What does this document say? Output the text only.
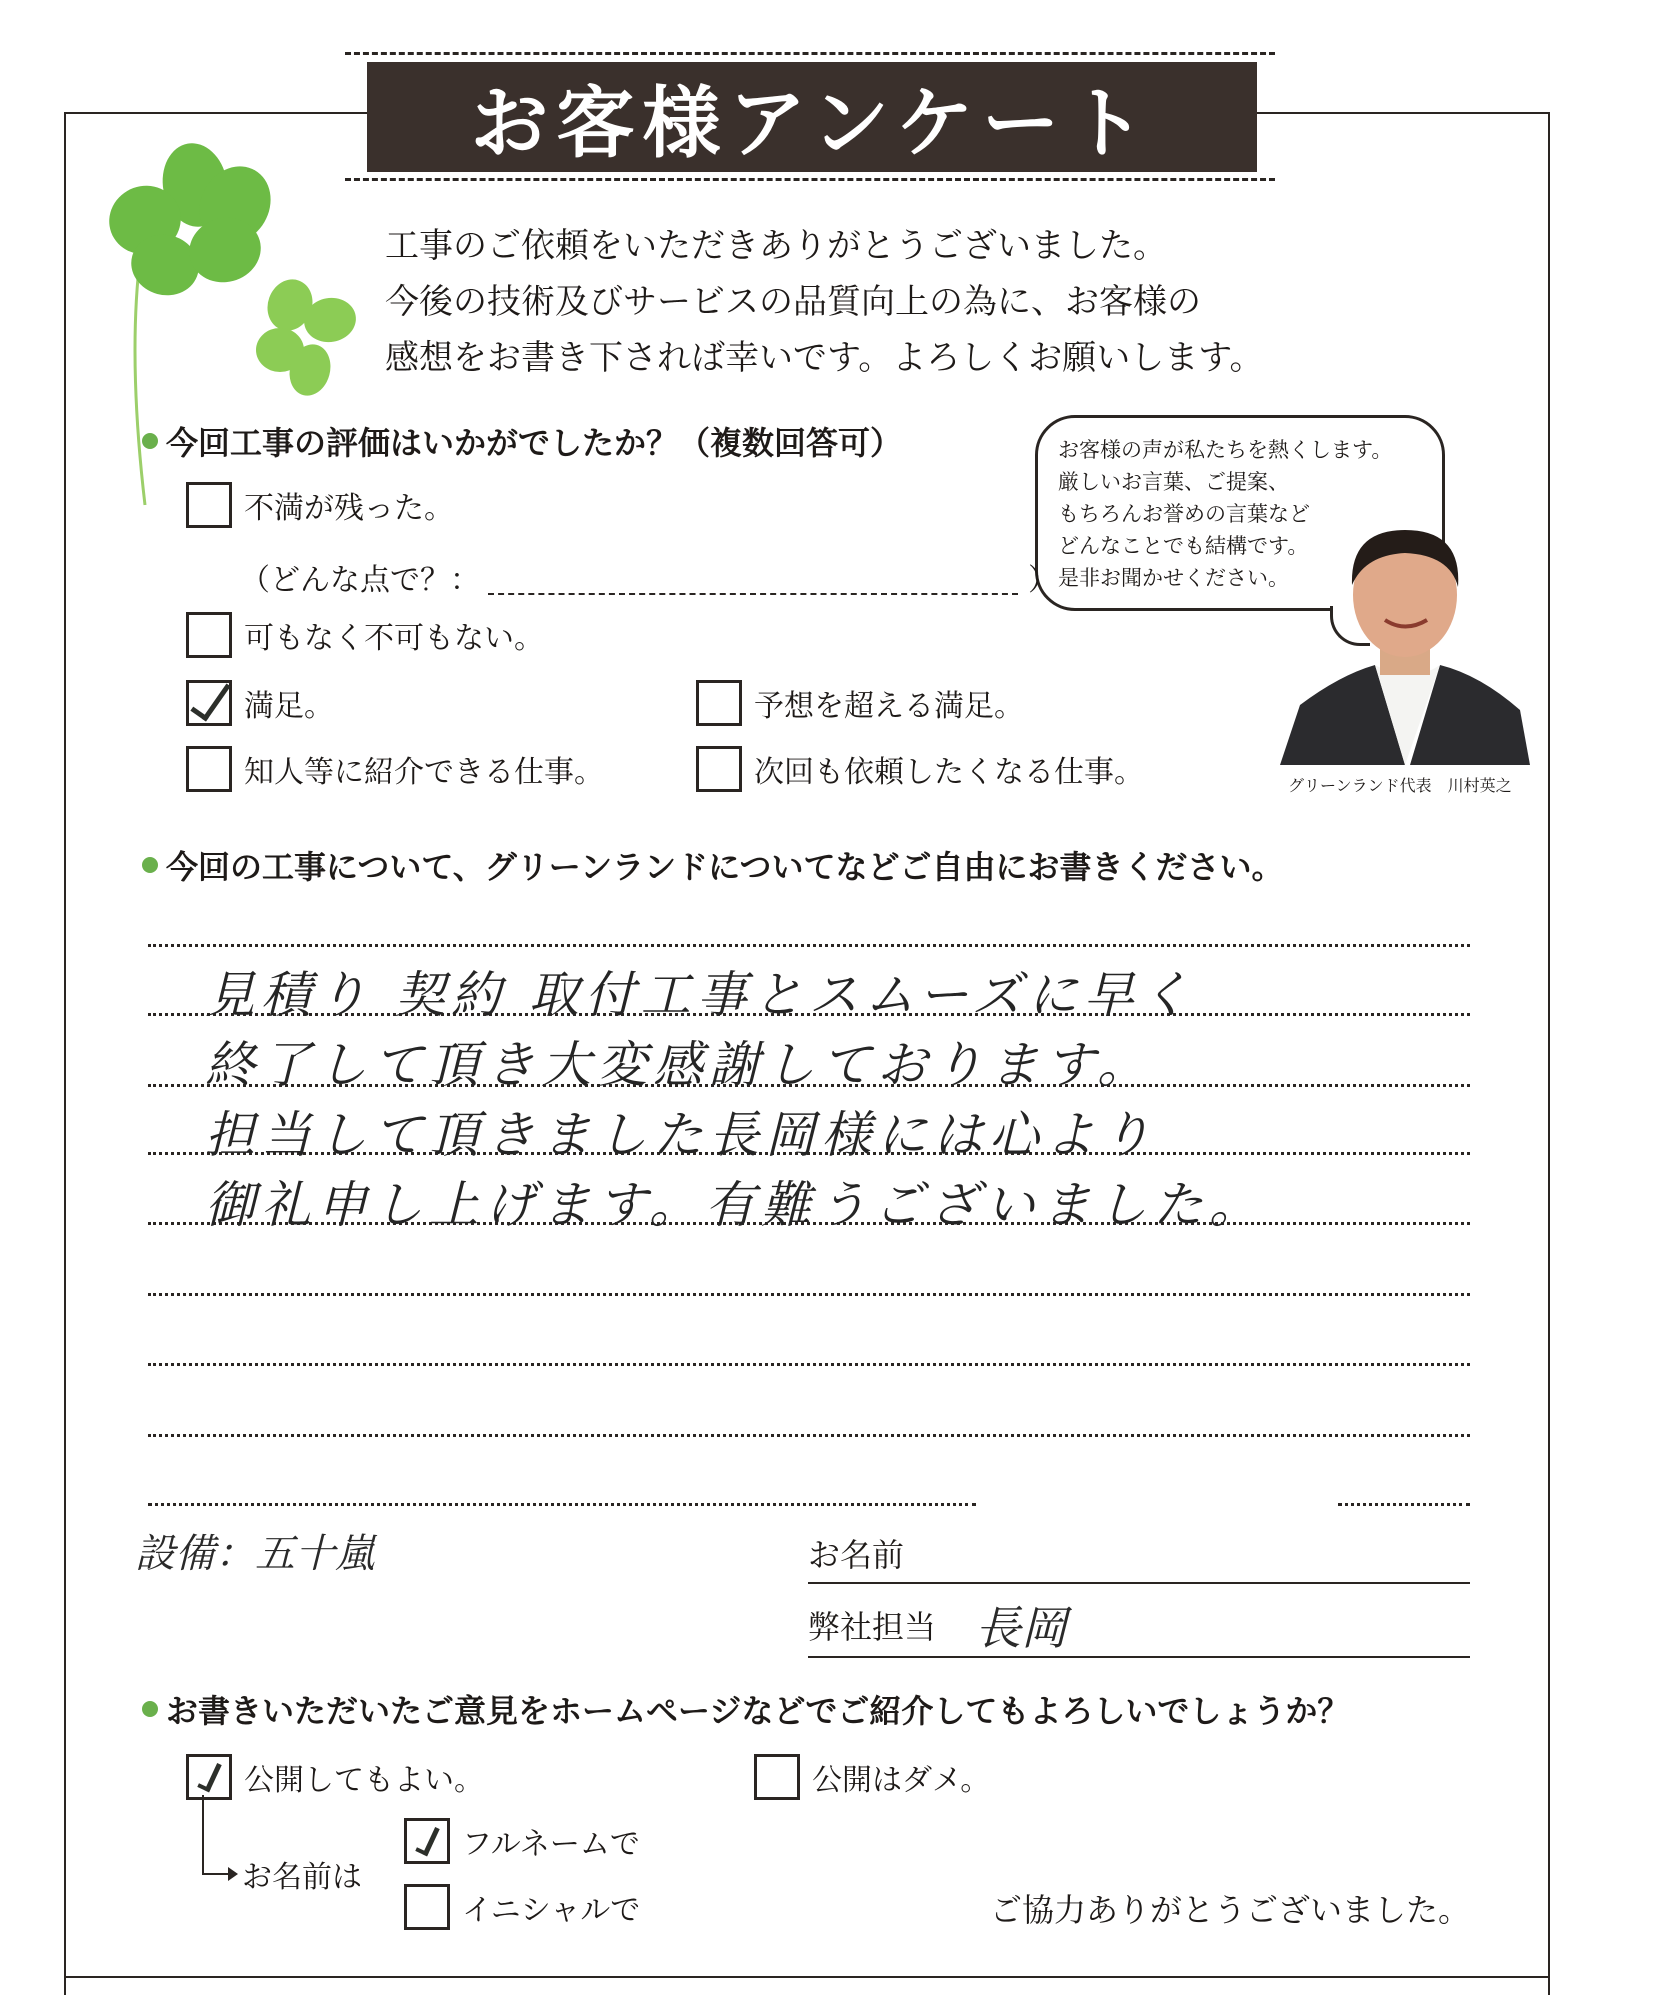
お客様アンケート
工事のご依頼をいただきありがとうございました。
今後の技術及びサービスの品質向上の為に、お客様の
感想をお書き下されば幸いです。よろしくお願いします。
お客様の声が私たちを熱くします。
厳しいお言葉、ご提案、
もちろんお誉めの言葉など
どんなことでも結構です。
是非お聞かせください。
グリーンランド代表　川村英之
今回工事の評価はいかがでしたか？（複数回答可）
不満が残った。
（どんな点で？：	）
可もなく不可もない。
満足。	予想を超える満足。
知人等に紹介できる仕事。	次回も依頼したくなる仕事。
今回の工事について、グリーンランドについてなどご自由にお書きください。
見積り 契約 取付工事とスムーズに早く
終了して頂き大変感謝しております。
担当して頂きました長岡様には心より
御礼申し上げます。有難うございました。
設備：五十嵐	お名前
弊社担当 長岡
お書きいただいたご意見をホームページなどでご紹介してもよろしいでしょうか？
公開してもよい。	公開はダメ。
お名前は
フルネームで
イニシャルで	ご協力ありがとうございました。
